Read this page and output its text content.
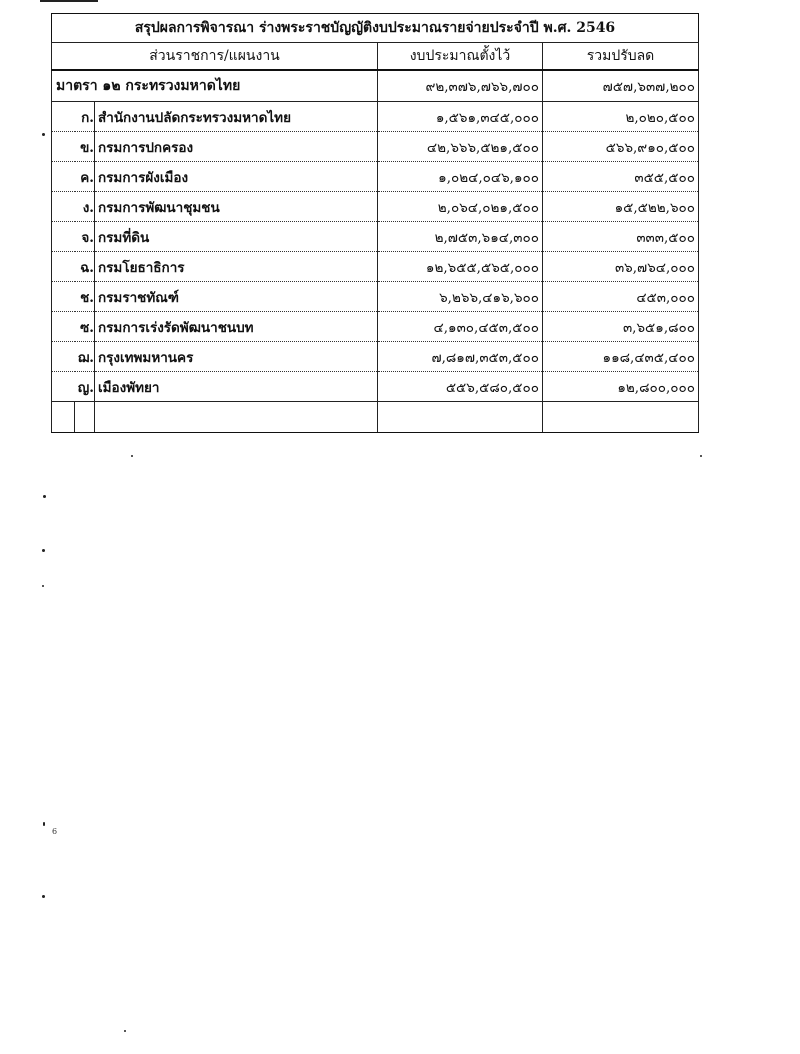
สรุปผลการพิจารณา ร่างพระราชบัญญัติงบประมาณรายจ่ายประจำปี พ.ศ. 2546				
ส่วนราชการ/แผนงาน			งบประมาณตั้งไว้	รวมปรับลด
มาตรา ๑๒ กระทรวงมหาดไทย			๙๒,๓๗๖,๗๖๖,๗๐๐	๗๕๗,๖๓๗,๒๐๐
ก.		สำนักงานปลัดกระทรวงมหาดไทย	๑,๕๖๑,๓๔๕,๐๐๐	๒,๐๒๐,๕๐๐
ข.		กรมการปกครอง	๔๒,๖๖๖,๕๒๑,๕๐๐	๕๖๖,๙๑๐,๕๐๐
ค.		กรมการผังเมือง	๑,๐๒๔,๐๔๖,๑๐๐	๓๕๕,๕๐๐
ง.		กรมการพัฒนาชุมชน	๒,๐๖๔,๐๒๑,๕๐๐	๑๕,๕๒๒,๖๐๐
จ.		กรมที่ดิน	๒,๗๕๓,๖๑๔,๓๐๐	๓๓๓,๕๐๐
ฉ.		กรมโยธาธิการ	๑๒,๖๕๕,๕๖๕,๐๐๐	๓๖,๗๖๔,๐๐๐
ช.		กรมราชทัณฑ์	๖,๒๖๖,๔๑๖,๖๐๐	๔๕๓,๐๐๐
ซ.		กรมการเร่งรัดพัฒนาชนบท	๔,๑๓๐,๔๕๓,๕๐๐	๓,๖๕๑,๘๐๐
ฌ.		กรุงเทพมหานคร	๗,๘๑๗,๓๕๓,๕๐๐	๑๑๘,๔๓๕,๔๐๐
ญ.		เมืองพัทยา	๕๕๖,๕๘๐,๕๐๐	๑๒,๘๐๐,๐๐๐

6
